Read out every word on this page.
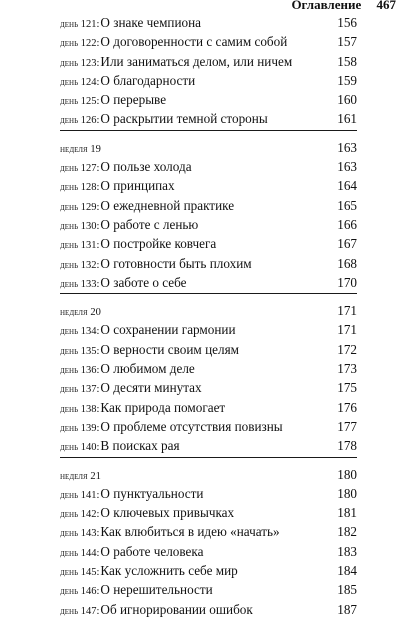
Оглавление 467
день 121: О знаке чемпиона	156
день 122: О договоренности с самим собой	157
день 123: Или заниматься делом, или ничем	158
день 124: О благодарности	159
день 125: О перерыве	160
день 126: О раскрытии темной стороны	161
неделя 19	163
день 127: О пользе холода	163
день 128: О принципах	164
день 129: О ежедневной практике	165
день 130: О работе с ленью	166
день 131: О постройке ковчега	167
день 132: О готовности быть плохим	168
день 133: О заботе о себе	170
неделя 20	171
день 134: О сохранении гармонии	171
день 135: О верности своим целям	172
день 136: О любимом деле	173
день 137: О десяти минутах	175
день 138: Как природа помогает	176
день 139: О проблеме отсутствия повизны	177
день 140: В поисках рая	178
неделя 21	180
день 141: О пунктуальности	180
день 142: О ключевых привычках	181
день 143: Как влюбиться в идею «начать»	182
день 144: О работе человека	183
день 145: Как усложнить себе мир	184
день 146: О нерешительности	185
день 147: Об игнорировании ошибок	187
